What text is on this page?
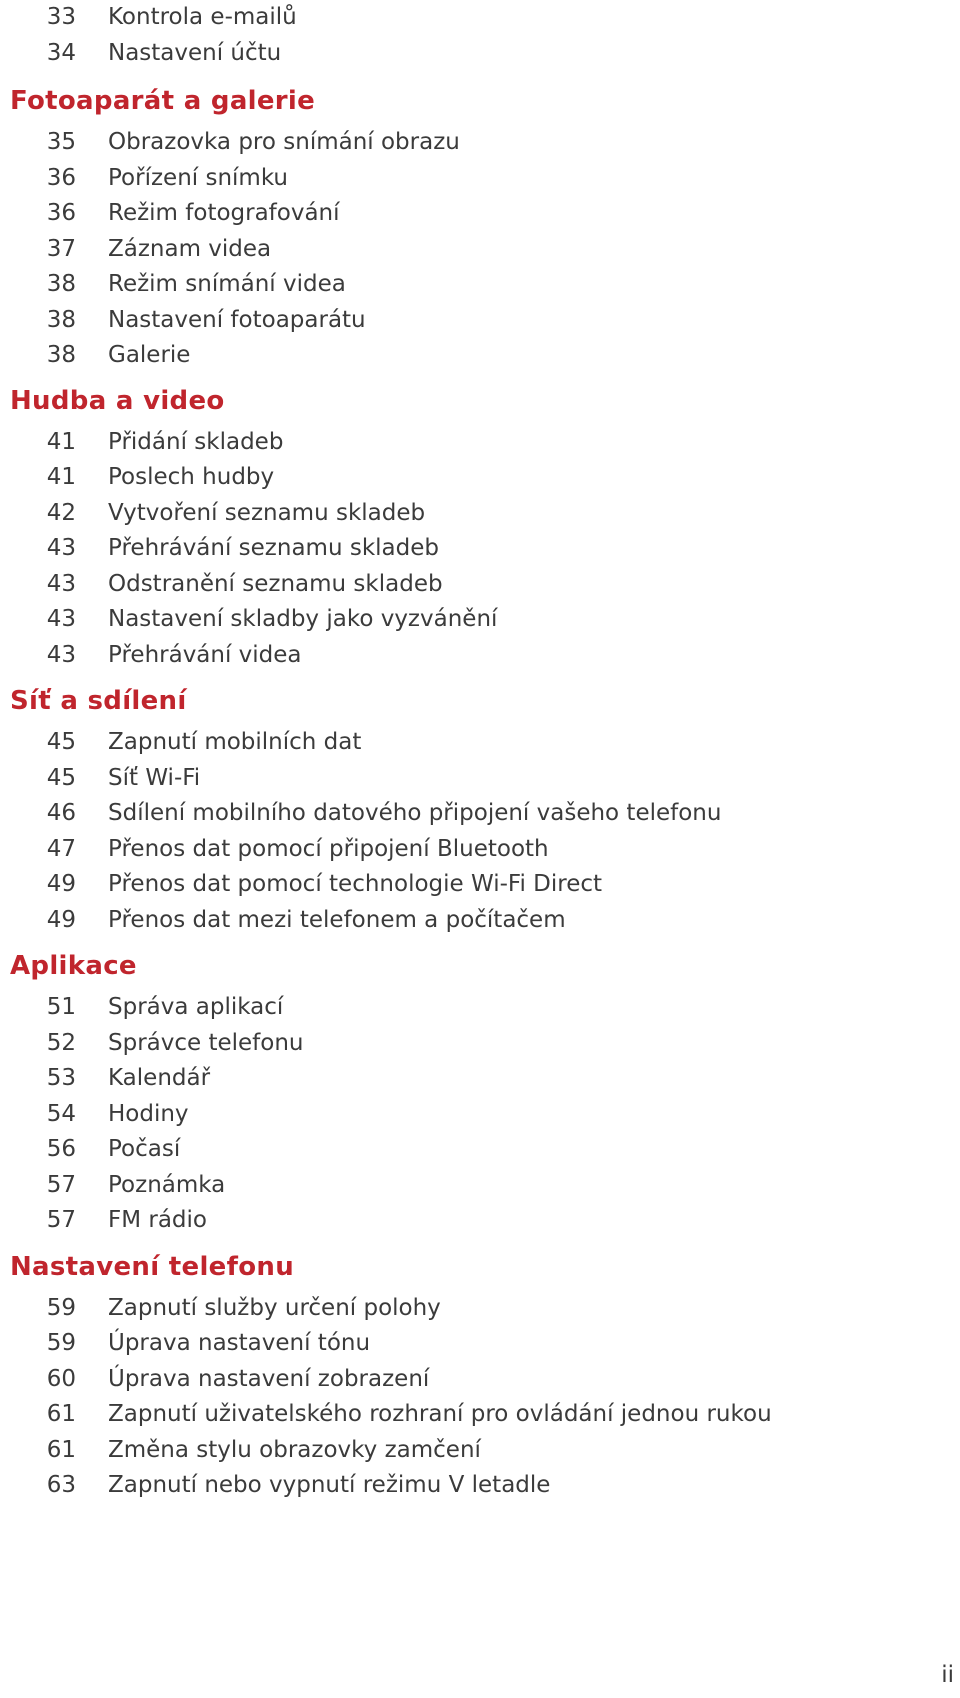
33	Kontrola e-mailů
34	Nastavení účtu
Fotoaparát a galerie
35	Obrazovka pro snímání obrazu
36	Pořízení snímku
36	Režim fotografování
37	Záznam videa
38	Režim snímání videa
38	Nastavení fotoaparátu
38	Galerie
Hudba a video
41	Přidání skladeb
41	Poslech hudby
42	Vytvoření seznamu skladeb
43	Přehrávání seznamu skladeb
43	Odstranění seznamu skladeb
43	Nastavení skladby jako vyzvánění
43	Přehrávání videa
Síť a sdílení
45	Zapnutí mobilních dat
45	Síť Wi-Fi
46	Sdílení mobilního datového připojení vašeho telefonu
47	Přenos dat pomocí připojení Bluetooth
49	Přenos dat pomocí technologie Wi-Fi Direct
49	Přenos dat mezi telefonem a počítačem
Aplikace
51	Správa aplikací
52	Správce telefonu
53	Kalendář
54	Hodiny
56	Počasí
57	Poznámka
57	FM rádio
Nastavení telefonu
59	Zapnutí služby určení polohy
59	Úprava nastavení tónu
60	Úprava nastavení zobrazení
61	Zapnutí uživatelského rozhraní pro ovládání jednou rukou
61	Změna stylu obrazovky zamčení
63	Zapnutí nebo vypnutí režimu V letadle
ii
